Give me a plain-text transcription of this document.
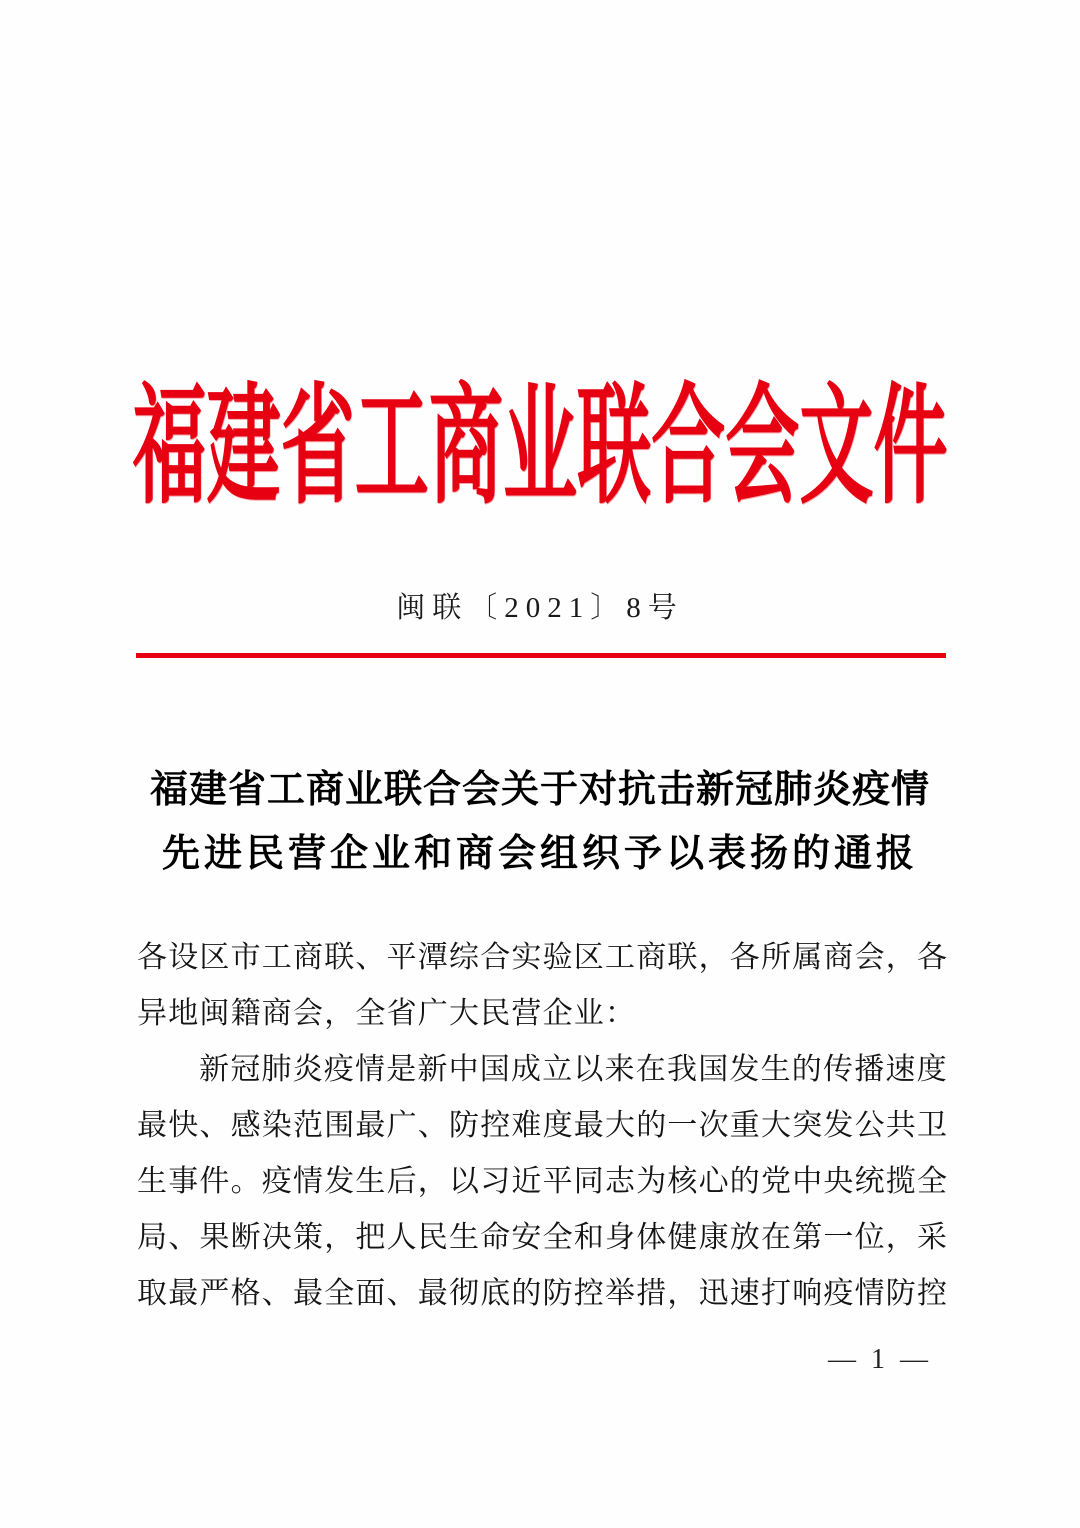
福建省工商业联合会文件
闽联〔2021〕8号
福建省工商业联合会关于对抗击新冠肺炎疫情
先进民营企业和商会组织予以表扬的通报
各设区市工商联、平潭综合实验区工商联，各所属商会，各
异地闽籍商会，全省广大民营企业：
新冠肺炎疫情是新中国成立以来在我国发生的传播速度
最快、感染范围最广、防控难度最大的一次重大突发公共卫
生事件。疫情发生后，以习近平同志为核心的党中央统揽全
局、果断决策，把人民生命安全和身体健康放在第一位，采
取最严格、最全面、最彻底的防控举措，迅速打响疫情防控
— 1 —
